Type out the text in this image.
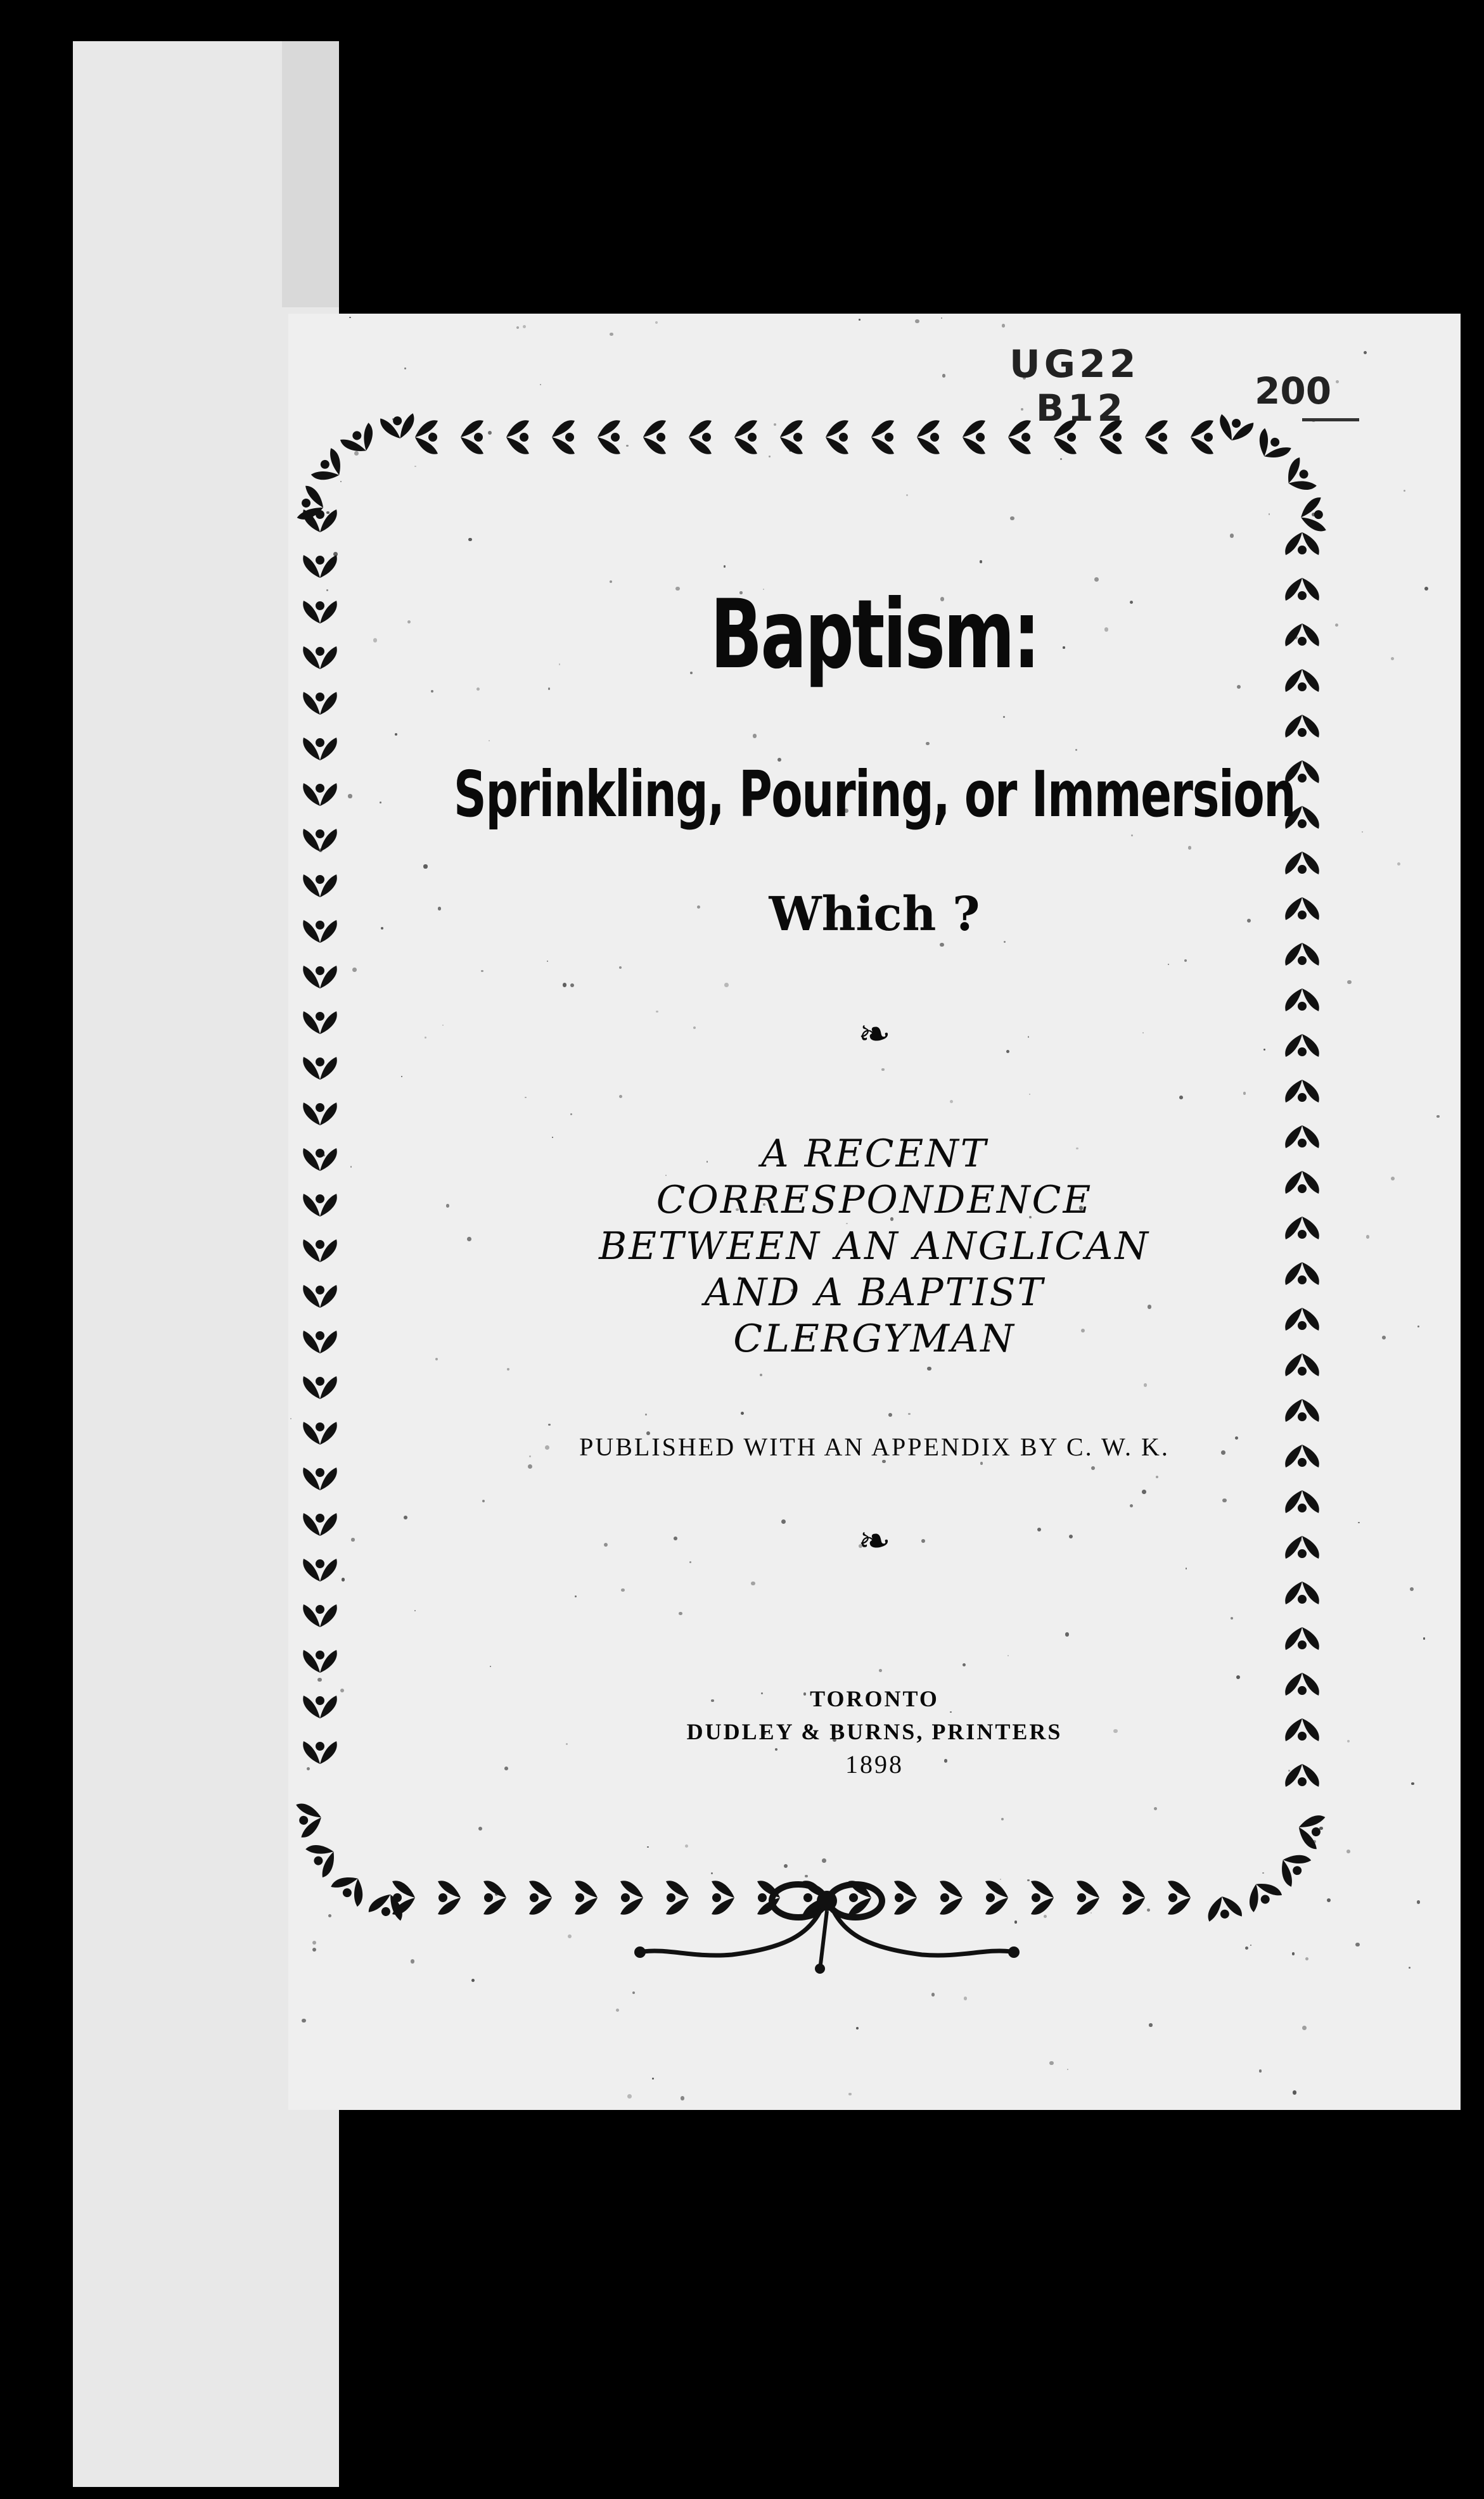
Baptism:
Sprinkling, Pouring, or Immersion
Which ?
❧
A RECENT
CORRESPONDENCE
BETWEEN AN ANGLICAN
AND A BAPTIST
CLERGYMAN
PUBLISHED WITH AN APPENDIX BY C. W. K.
❧
TORONTO
DUDLEY & BURNS, PRINTERS
1898
UG22
B12	200
